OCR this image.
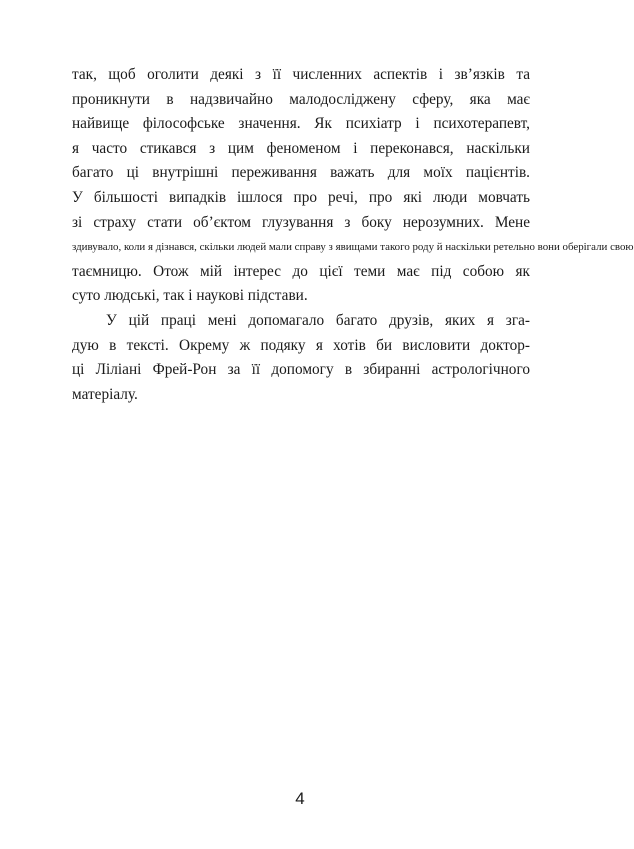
так, щоб оголити деякі з її численних аспектів і зв’язків та
проникнути в надзвичайно малодосліджену сферу, яка має
найвище філософське значення. Як психіатр і психотерапевт,
я часто стикався з цим феноменом і переконався, наскільки
багато ці внутрішні переживання важать для моїх пацієнтів.
У більшості випадків ішлося про речі, про які люди мовчать
зі страху стати об’єктом глузування з боку нерозумних. Мене
здивувало, коли я дізнався, скільки людей мали справу з явищами такого роду й наскільки ретельно вони оберігали свою
таємницю. Отож мій інтерес до цієї теми має під собою як
суто людські, так і наукові підстави.
У цій праці мені допомагало багато друзів, яких я зга-
дую в тексті. Окрему ж подяку я хотів би висловити доктор-
ці Ліліані Фрей-Рон за її допомогу в збиранні астрологічного
матеріалу.
4
